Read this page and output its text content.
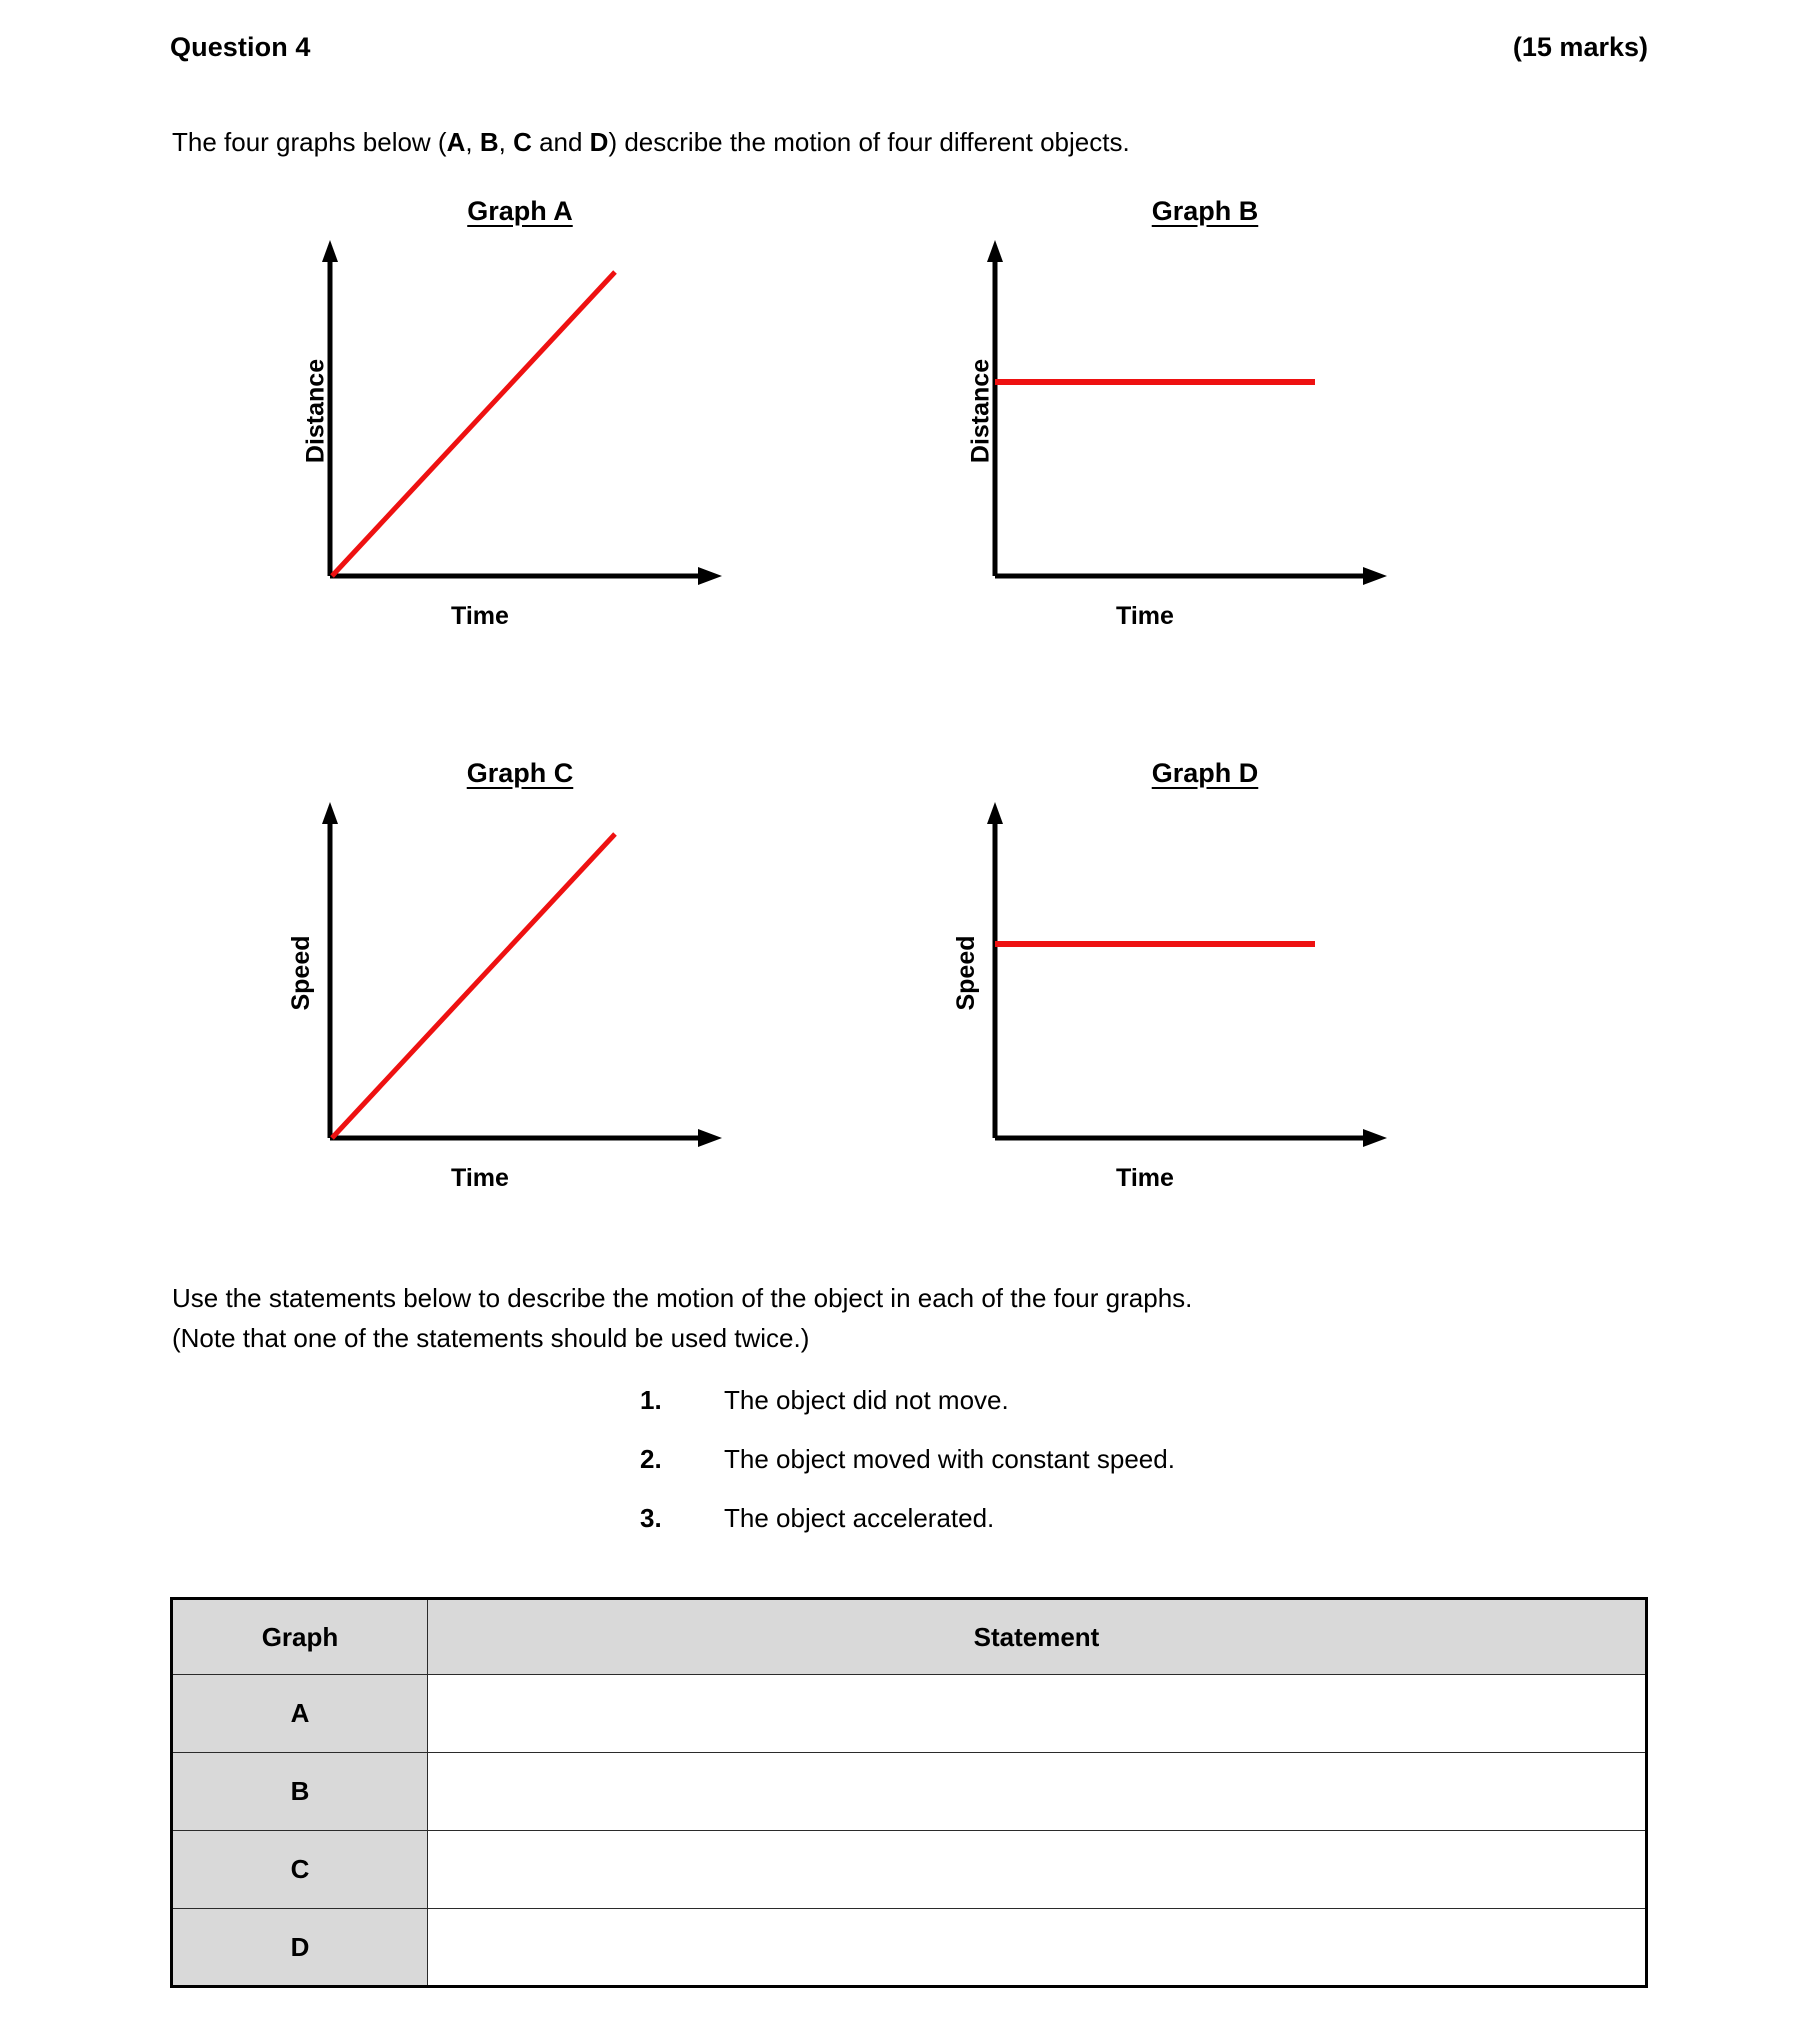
Question 4	(15 marks)
The four graphs below (A, B, C and D) describe the motion of four different objects.
Graph A
Distance
Time
Graph B
Distance
Time
Graph C
Speed
Time
Graph D
Speed
Time
Use the statements below to describe the motion of the object in each of the four graphs.
(Note that one of the statements should be used twice.)
1.	The object did not move.
2.	The object moved with constant speed.
3.	The object accelerated.
Graph	Statement
A	
B	
C	
D	
